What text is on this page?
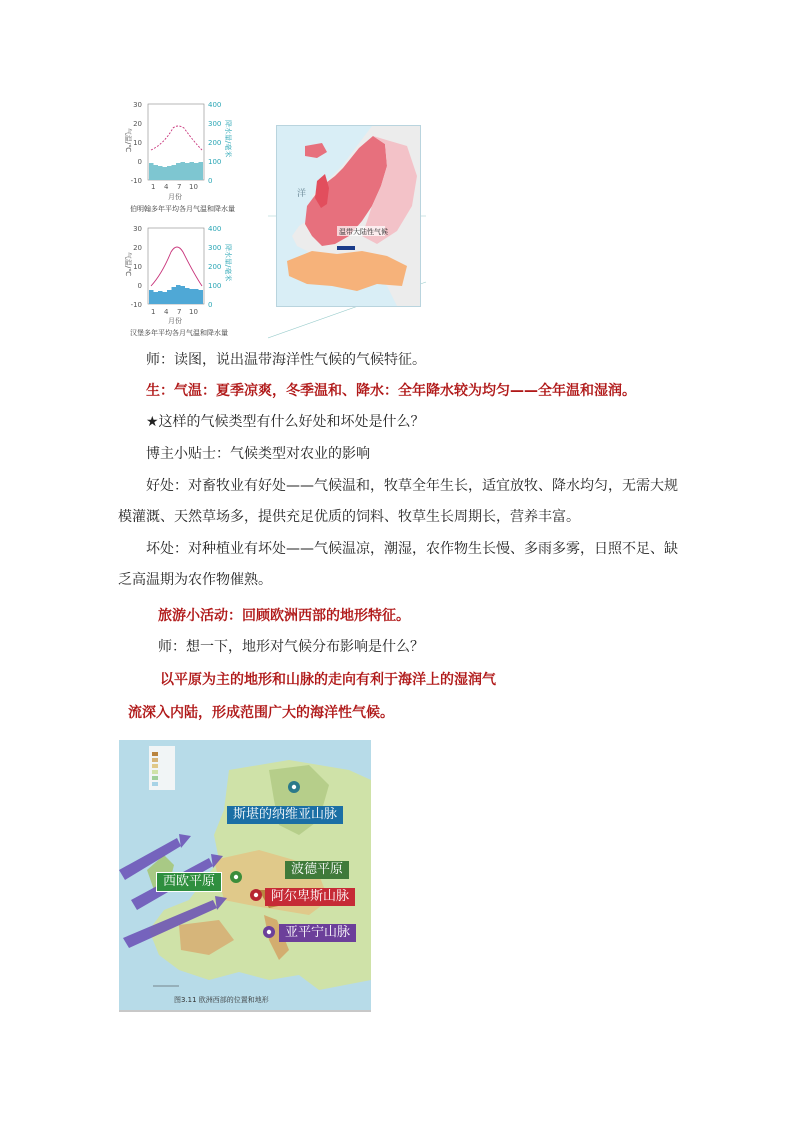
30
20
10
0
-10
400
300
200
100
0
1 4 7 10
月份
气温/℃	降水量/毫米
伯明翰多年平均各月气温和降水量
30
20
10
0
-10
400
300
200
100
0
1 4 7 10
月份
气温/℃	降水量/毫米
汉堡多年平均各月气温和降水量
温带大陆性气候
洋
师：读图，说出温带海洋性气候的气候特征。
生：气温：夏季凉爽，冬季温和、降水：全年降水较为均匀——全年温和湿润。
★这样的气候类型有什么好处和坏处是什么？
博主小贴士：气候类型对农业的影响
好处：对畜牧业有好处——气候温和，牧草全年生长，适宜放牧、降水均匀，无需大规
模灌溉、天然草场多，提供充足优质的饲料、牧草生长周期长，营养丰富。
坏处：对种植业有坏处——气候温凉，潮湿，农作物生长慢、多雨多雾，日照不足、缺
乏高温期为农作物催熟。
旅游小活动：回顾欧洲西部的地形特征。
师：想一下，地形对气候分布影响是什么？
以平原为主的地形和山脉的走向有利于海洋上的湿润气
流深入内陆，形成范围广大的海洋性气候。
图3.11 欧洲西部的位置和地形
斯堪的纳维亚山脉
波德平原
西欧平原
阿尔卑斯山脉
亚平宁山脉
